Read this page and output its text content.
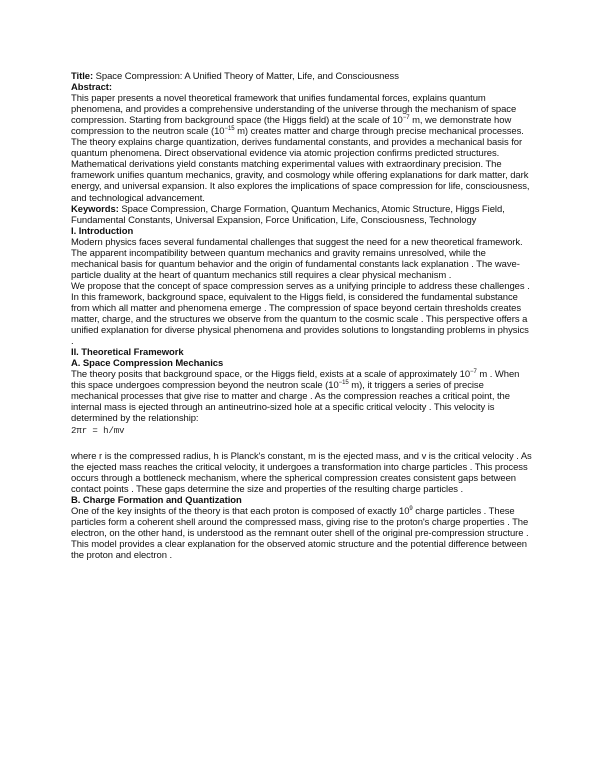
Title: Space Compression: A Unified Theory of Matter, Life, and Consciousness

Abstract:

This paper presents a novel theoretical framework that unifies fundamental forces, explains quantum phenomena, and provides a comprehensive understanding of the universe through the mechanism of space compression. Starting from background space (the Higgs field) at the scale of $10^{-7}$ m, we demonstrate how compression to the neutron scale ($10^{-15}$ m) creates matter and charge through precise mechanical processes. The theory explains charge quantization, derives fundamental constants, and provides a mechanical basis for quantum phenomena. Direct observational evidence via atomic projection confirms predicted structures. Mathematical derivations yield constants matching experimental values with extraordinary precision. The framework unifies quantum mechanics, gravity, and cosmology while offering explanations for dark matter, dark energy, and universal expansion. It also explores the implications of space compression for life, consciousness, and technological advancement.

Keywords: Space Compression, Charge Formation, Quantum Mechanics, Atomic Structure, Higgs Field, Fundamental Constants, Universal Expansion, Force Unification, Life, Consciousness, Technology

I. Introduction

Modern physics faces several fundamental challenges that suggest the need for a new theoretical framework. The apparent incompatibility between quantum mechanics and gravity remains unresolved, while the mechanical basis for quantum behavior and the origin of fundamental constants lack explanation . The wave-particle duality at the heart of quantum mechanics still requires a clear physical mechanism .

We propose that the concept of space compression serves as a unifying principle to address these challenges . In this framework, background space, equivalent to the Higgs field, is considered the fundamental substance from which all matter and phenomena emerge . The compression of space beyond certain thresholds creates matter, charge, and the structures we observe from the quantum to the cosmic scale . This perspective offers a unified explanation for diverse physical phenomena and provides solutions to longstanding problems in physics .

II. Theoretical Framework

A. Space Compression Mechanics

The theory posits that background space, or the Higgs field, exists at a scale of approximately $10^{-7}$ m . When this space undergoes compression beyond the neutron scale ($10^{-15}$ m), it triggers a series of precise mechanical processes that give rise to matter and charge . As the compression reaches a critical point, the internal mass is ejected through an antineutrino-sized hole at a specific critical velocity . This velocity is determined by the relationship:

2πr = h/mv

where r is the compressed radius, h is Planck's constant, m is the ejected mass, and v is the critical velocity . As the ejected mass reaches the critical velocity, it undergoes a transformation into charge particles . This process occurs through a bottleneck mechanism, where the spherical compression creates consistent gaps between contact points . These gaps determine the size and properties of the resulting charge particles .

B. Charge Formation and Quantization

One of the key insights of the theory is that each proton is composed of exactly $10^9$ charge particles . These particles form a coherent shell around the compressed mass, giving rise to the proton's charge properties . The electron, on the other hand, is understood as the remnant outer shell of the original pre-compression structure . This model provides a clear explanation for the observed atomic structure and the potential difference between the proton and electron .
